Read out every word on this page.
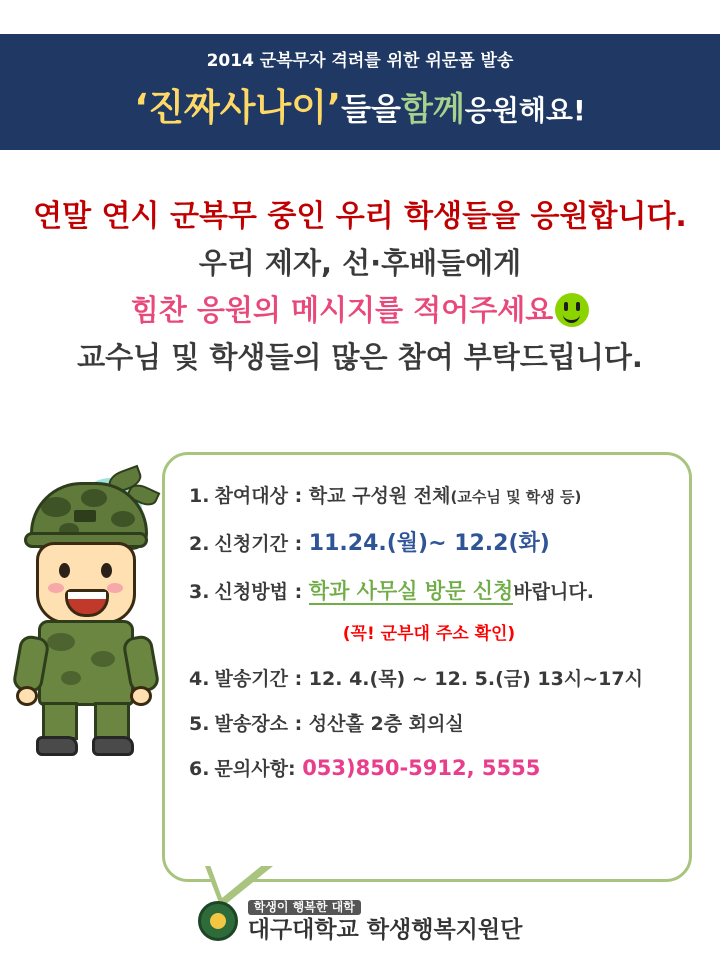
2014 군복무자 격려를 위한 위문품 발송
‘ 진짜사나이 ’ 들을 함께 응원 해요!
연말 연시 군복무 중인 우리 학생들을 응원합니다.
우리 제자, 선·후배들에게
힘찬 응원의 메시지를 적어주세요
교수님 및 학생들의 많은 참여 부탁드립니다.
1. 참여대상 : 학교 구성원 전체(교수님 및 학생 등)
2. 신청기간 : 11.24.(월)~ 12.2(화)
3. 신청방법 : 학과 사무실 방문 신청바랍니다.
(꼭! 군부대 주소 확인)
4. 발송기간 : 12. 4.(목) ~ 12. 5.(금) 13시~17시
5. 발송장소 : 성산홀 2층 회의실
6. 문의사항: 053)850-5912, 5555
학생이 행복한 대학
대구대학교 학생행복지원단
